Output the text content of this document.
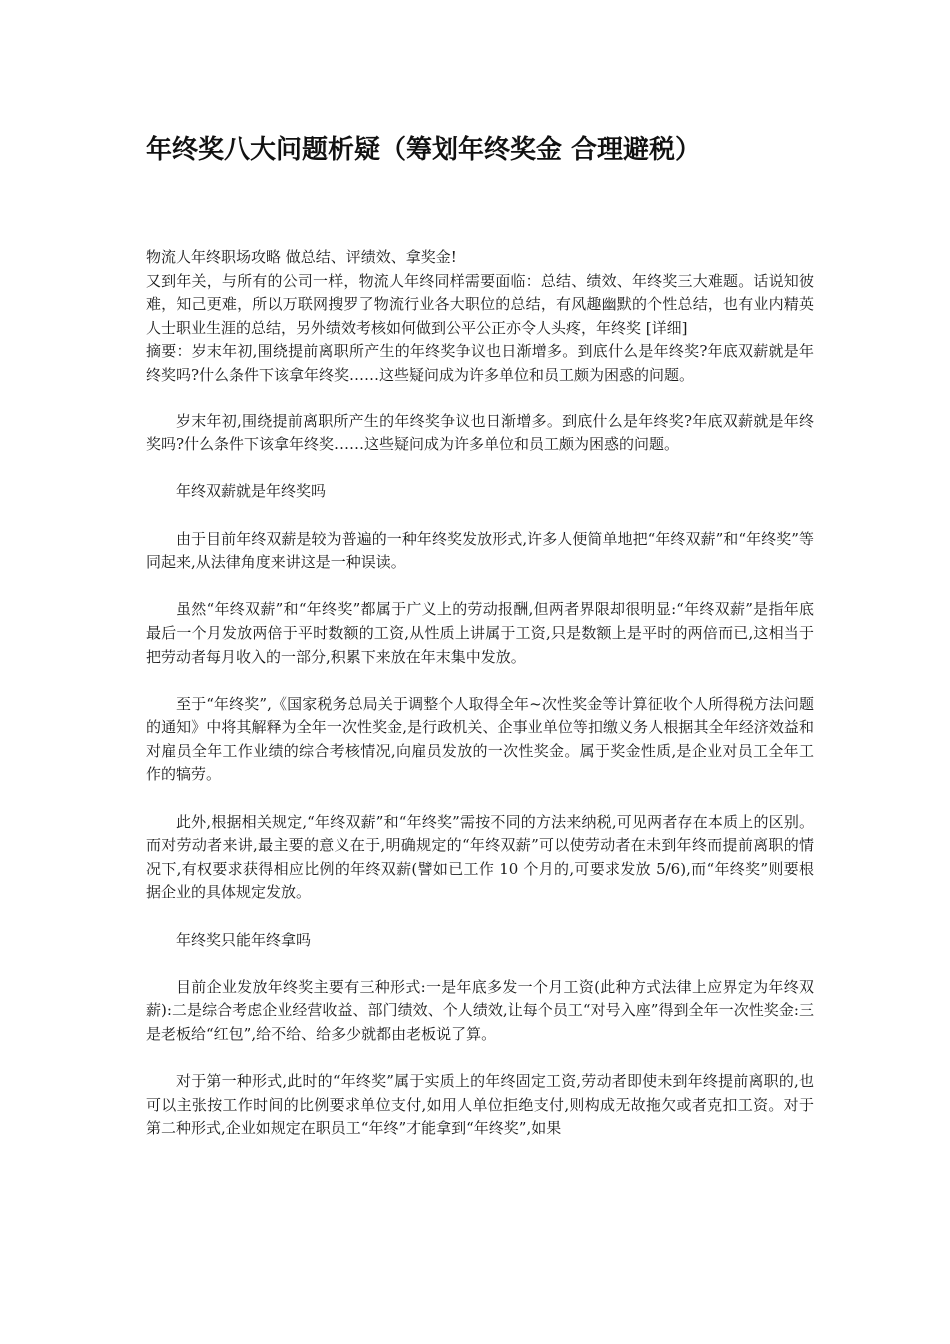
年终奖八大问题析疑（筹划年终奖金 合理避税）

物流人年终职场攻略 做总结、评绩效、拿奖金!

又到年关，与所有的公司一样，物流人年终同样需要面临：总结、绩效、年终奖三大难题。话说知彼难，知己更难，所以万联网搜罗了物流行业各大职位的总结，有风趣幽默的个性总结，也有业内精英人士职业生涯的总结，另外绩效考核如何做到公平公正亦令人头疼，年终奖 [详细]

摘要：岁末年初,围绕提前离职所产生的年终奖争议也日渐增多。到底什么是年终奖?年底双薪就是年终奖吗?什么条件下该拿年终奖……这些疑问成为许多单位和员工颇为困惑的问题。

岁末年初,围绕提前离职所产生的年终奖争议也日渐增多。到底什么是年终奖?年底双薪就是年终奖吗?什么条件下该拿年终奖……这些疑问成为许多单位和员工颇为困惑的问题。

年终双薪就是年终奖吗

由于目前年终双薪是较为普遍的一种年终奖发放形式,许多人便简单地把“年终双薪”和“年终奖”等同起来,从法律角度来讲这是一种误读。

虽然“年终双薪”和“年终奖”都属于广义上的劳动报酬,但两者界限却很明显:“年终双薪”是指年底最后一个月发放两倍于平时数额的工资,从性质上讲属于工资,只是数额上是平时的两倍而已,这相当于把劳动者每月收入的一部分,积累下来放在年末集中发放。

至于“年终奖”,《国家税务总局关于调整个人取得全年~次性奖金等计算征收个人所得税方法问题的通知》中将其解释为全年一次性奖金,是行政机关、企事业单位等扣缴义务人根据其全年经济效益和对雇员全年工作业绩的综合考核情况,向雇员发放的一次性奖金。属于奖金性质,是企业对员工全年工作的犒劳。

此外,根据相关规定,“年终双薪”和“年终奖”需按不同的方法来纳税,可见两者存在本质上的区别。而对劳动者来讲,最主要的意义在于,明确规定的“年终双薪”可以使劳动者在未到年终而提前离职的情况下,有权要求获得相应比例的年终双薪(譬如已工作 10 个月的,可要求发放 5/6),而“年终奖”则要根据企业的具体规定发放。

年终奖只能年终拿吗

目前企业发放年终奖主要有三种形式:一是年底多发一个月工资(此种方式法律上应界定为年终双薪):二是综合考虑企业经营收益、部门绩效、个人绩效,让每个员工“对号入座”得到全年一次性奖金:三是老板给“红包”,给不给、给多少就都由老板说了算。

对于第一种形式,此时的“年终奖”属于实质上的年终固定工资,劳动者即使未到年终提前离职的,也可以主张按工作时间的比例要求单位支付,如用人单位拒绝支付,则构成无故拖欠或者克扣工资。对于第二种形式,企业如规定在职员工“年终”才能拿到“年终奖”,如果
